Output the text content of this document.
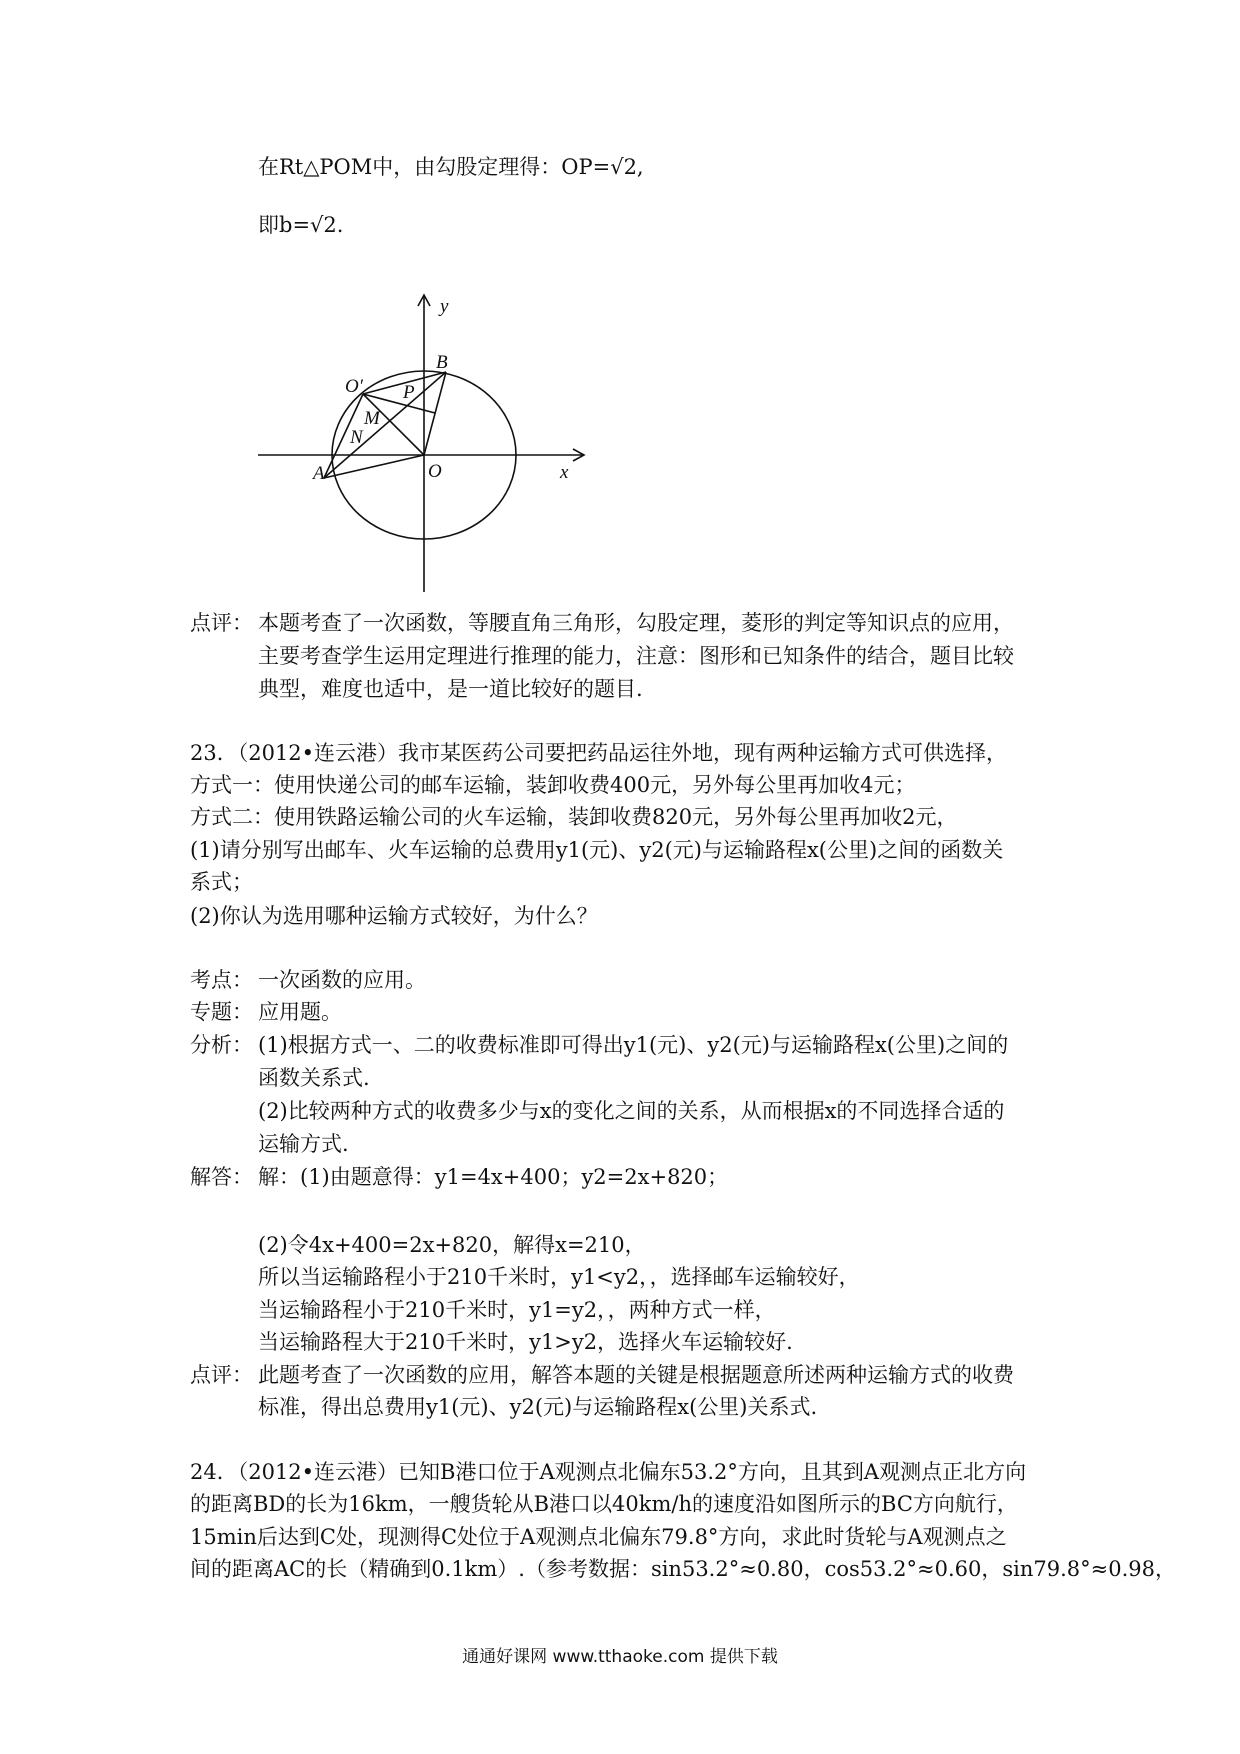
在Rt△POM中，由勾股定理得：OP=√2,
即b=√2.
y
x
B
O′ P
M
N
A	O
点评： 本题考查了一次函数，等腰直角三角形，勾股定理，菱形的判定等知识点的应用，
主要考查学生运用定理进行推理的能力，注意：图形和已知条件的结合，题目比较
典型，难度也适中，是一道比较好的题目.
23．（2012•连云港）我市某医药公司要把药品运往外地，现有两种运输方式可供选择，
方式一：使用快递公司的邮车运输，装卸收费400元，另外每公里再加收4元；
方式二：使用铁路运输公司的火车运输，装卸收费820元，另外每公里再加收2元，
(1)请分别写出邮车、火车运输的总费用y1(元)、y2(元)与运输路程x(公里)之间的函数关
系式；
(2)你认为选用哪种运输方式较好，为什么？
考点： 一次函数的应用。
专题： 应用题。
分析： (1)根据方式一、二的收费标准即可得出y1(元)、y2(元)与运输路程x(公里)之间的
函数关系式.
(2)比较两种方式的收费多少与x的变化之间的关系，从而根据x的不同选择合适的
运输方式.
解答： 解：(1)由题意得：y1=4x+400；y2=2x+820；
(2)令4x+400=2x+820，解得x=210，
所以当运输路程小于210千米时，y1<y2，，选择邮车运输较好，
当运输路程小于210千米时，y1=y2，，两种方式一样，
当运输路程大于210千米时，y1>y2，选择火车运输较好.
点评： 此题考查了一次函数的应用，解答本题的关键是根据题意所述两种运输方式的收费
标准，得出总费用y1(元)、y2(元)与运输路程x(公里)关系式.
24．（2012•连云港）已知B港口位于A观测点北偏东53.2°方向，且其到A观测点正北方向
的距离BD的长为16km，一艘货轮从B港口以40km/h的速度沿如图所示的BC方向航行，
15min后达到C处，现测得C处位于A观测点北偏东79.8°方向，求此时货轮与A观测点之
间的距离AC的长（精确到0.1km）.（参考数据：sin53.2°≈0.80，cos53.2°≈0.60，sin79.8°≈0.98，
通通好课网 www.tthaoke.com 提供下载
